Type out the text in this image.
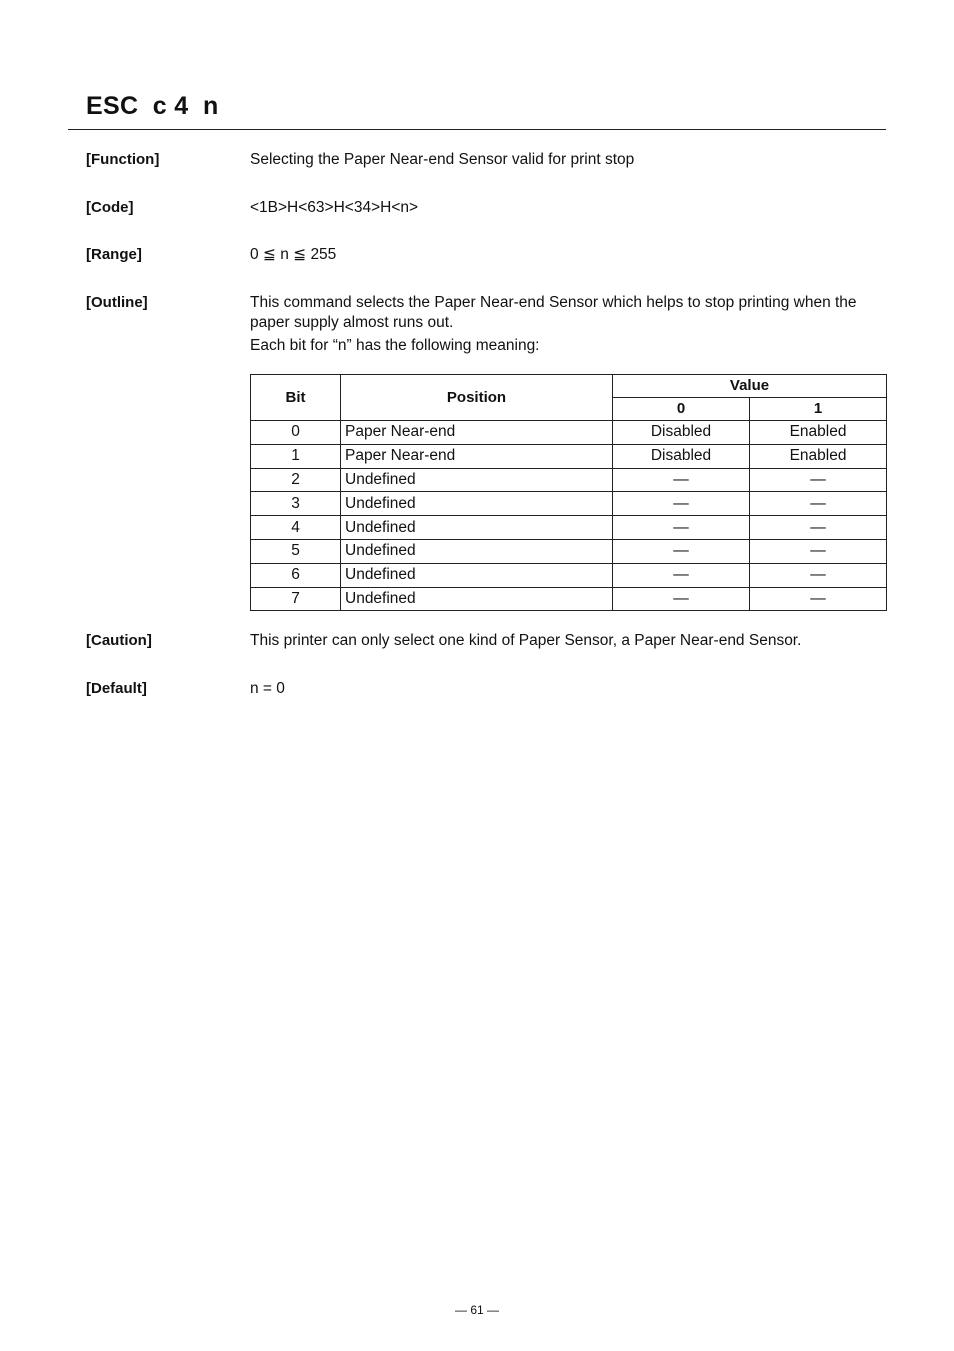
ESC  c 4  n
[Function]	Selecting the Paper Near-end Sensor valid for print stop
[Code]	<1B>H<63>H<34>H<n>
[Range]	0 ≦ n ≦ 255
[Outline]	This command selects the Paper Near-end Sensor which helps to stop printing when the paper supply almost runs out.
Each bit for “n” has the following meaning:
Bit	Position	Value	
		0	1
0	Paper Near-end	Disabled	Enabled
1	Paper Near-end	Disabled	Enabled
2	Undefined	—	—
3	Undefined	—	—
4	Undefined	—	—
5	Undefined	—	—
6	Undefined	—	—
7	Undefined	—	—
[Caution]	This printer can only select one kind of Paper Sensor, a Paper Near-end Sensor.
[Default]	n = 0
— 61 —
